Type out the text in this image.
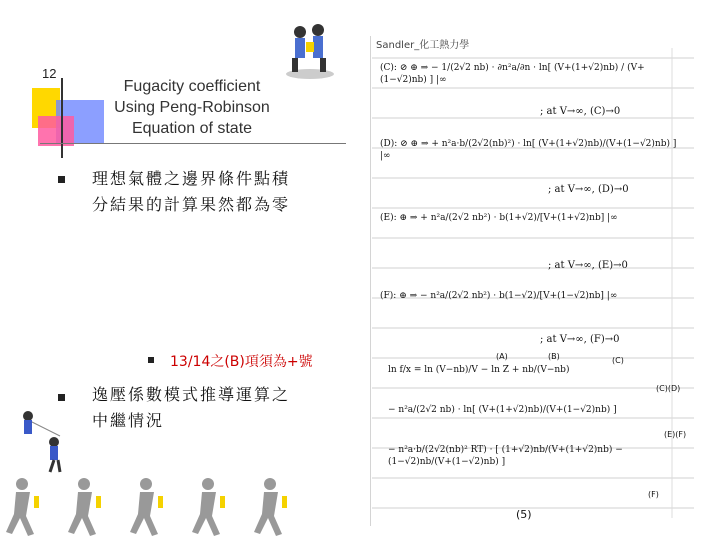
12
Fugacity coefficient
Using Peng-Robinson
Equation of state
理想氣體之邊界條件點積
分結果的計算果然都為零
13/14之(B)項須為+號
逸壓係數模式推導運算之
中繼情況
Sandler_化工熱力學
(C): ⊘ ⊕ ⇒ − 1/(2√2 nb) · ∂n²a/∂n · ln[ (V+(1+√2)nb) / (V+(1−√2)nb) ] |∞
; at V→∞, (C)→0
(D): ⊘ ⊕ ⇒ + n²a·b/(2√2(nb)²) · ln[ (V+(1+√2)nb)/(V+(1−√2)nb) ] |∞
; at V→∞, (D)→0
(E): ⊕ ⇒ + n²a/(2√2 nb²) · b(1+√2)/[V+(1+√2)nb] |∞
; at V→∞, (E)→0
(F): ⊕ ⇒ − n²a/(2√2 nb²) · b(1−√2)/[V+(1−√2)nb] |∞
; at V→∞, (F)→0
ln f/x = ln (V−nb)/V − ln Z + nb/(V−nb)
− n²a/(2√2 nb) · ln[ (V+(1+√2)nb)/(V+(1−√2)nb) ]
− n²a·b/(2√2(nb)² RT) · [ (1+√2)nb/(V+(1+√2)nb) − (1−√2)nb/(V+(1−√2)nb) ]
(A)	(B)	(C)
(C)(D)
(E)(F)
(F)
(5)
